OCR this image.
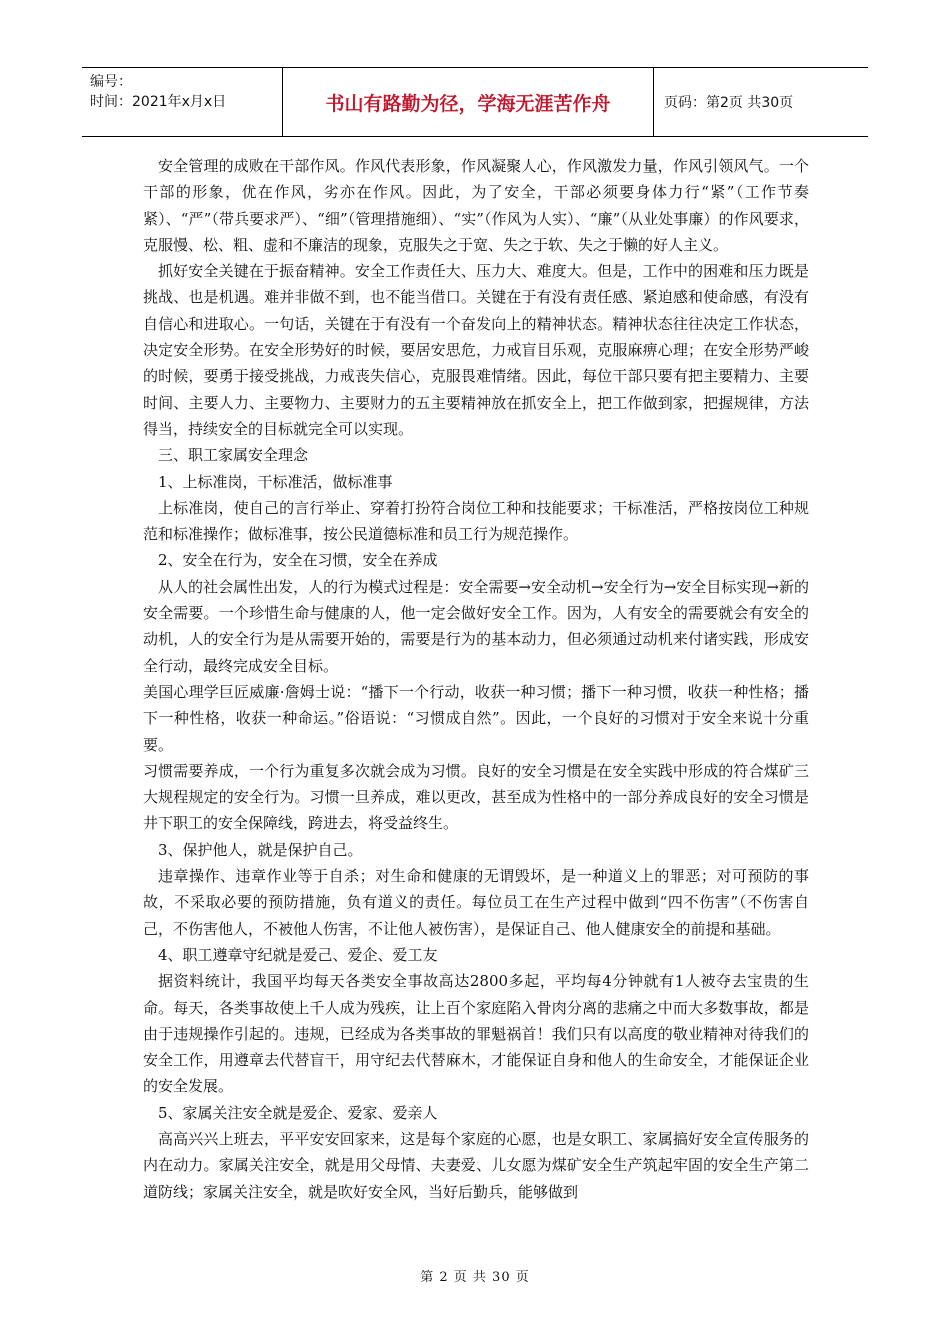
编号：
时间：2021年x月x日	书山有路勤为径，学海无涯苦作舟	页码：第2页 共30页

安全管理的成败在干部作风。作风代表形象，作风凝聚人心，作风激发力量，作风引领风气。一个干部的形象，优在作风，劣亦在作风。因此，为了安全，干部必须要身体力行“紧”（工作节奏紧）、“严”（带兵要求严）、“细”（管理措施细）、“实”（作风为人实）、“廉”（从业处事廉）的作风要求，克服慢、松、粗、虚和不廉洁的现象，克服失之于宽、失之于软、失之于懒的好人主义。

抓好安全关键在于振奋精神。安全工作责任大、压力大、难度大。但是，工作中的困难和压力既是挑战、也是机遇。难并非做不到，也不能当借口。关键在于有没有责任感、紧迫感和使命感，有没有自信心和进取心。一句话，关键在于有没有一个奋发向上的精神状态。精神状态往往决定工作状态，决定安全形势。在安全形势好的时候，要居安思危，力戒盲目乐观，克服麻痹心理；在安全形势严峻的时候，要勇于接受挑战，力戒丧失信心，克服畏难情绪。因此，每位干部只要有把主要精力、主要时间、主要人力、主要物力、主要财力的五主要精神放在抓安全上，把工作做到家，把握规律，方法得当，持续安全的目标就完全可以实现。

三、职工家属安全理念

1、上标准岗，干标准活，做标准事

上标准岗，使自己的言行举止、穿着打扮符合岗位工种和技能要求；干标准活，严格按岗位工种规范和标准操作；做标准事，按公民道德标准和员工行为规范操作。

2、安全在行为，安全在习惯，安全在养成

从人的社会属性出发，人的行为模式过程是：安全需要→安全动机→安全行为→安全目标实现→新的安全需要。一个珍惜生命与健康的人，他一定会做好安全工作。因为，人有安全的需要就会有安全的动机，人的安全行为是从需要开始的，需要是行为的基本动力，但必须通过动机来付诸实践，形成安全行动，最终完成安全目标。

美国心理学巨匠威廉·詹姆士说：“播下一个行动，收获一种习惯；播下一种习惯，收获一种性格；播下一种性格，收获一种命运。”俗语说：“习惯成自然”。因此，一个良好的习惯对于安全来说十分重要。

习惯需要养成，一个行为重复多次就会成为习惯。良好的安全习惯是在安全实践中形成的符合煤矿三大规程规定的安全行为。习惯一旦养成，难以更改，甚至成为性格中的一部分养成良好的安全习惯是井下职工的安全保障线，跨进去，将受益终生。

3、保护他人，就是保护自己。

违章操作、违章作业等于自杀；对生命和健康的无谓毁坏，是一种道义上的罪恶；对可预防的事故，不采取必要的预防措施，负有道义的责任。每位员工在生产过程中做到“四不伤害”（不伤害自己，不伤害他人，不被他人伤害，不让他人被伤害），是保证自己、他人健康安全的前提和基础。

4、职工遵章守纪就是爱己、爱企、爱工友

据资料统计，我国平均每天各类安全事故高达2800多起，平均每4分钟就有1人被夺去宝贵的生命。每天，各类事故使上千人成为残疾，让上百个家庭陷入骨肉分离的悲痛之中而大多数事故，都是由于违规操作引起的。违规，已经成为各类事故的罪魁祸首！我们只有以高度的敬业精神对待我们的安全工作，用遵章去代替盲干，用守纪去代替麻木，才能保证自身和他人的生命安全，才能保证企业的安全发展。

5、家属关注安全就是爱企、爱家、爱亲人

高高兴兴上班去，平平安安回家来，这是每个家庭的心愿，也是女职工、家属搞好安全宣传服务的内在动力。家属关注安全，就是用父母情、夫妻爱、儿女愿为煤矿安全生产筑起牢固的安全生产第二道防线；家属关注安全，就是吹好安全风，当好后勤兵，能够做到

第 2 页 共 30 页
